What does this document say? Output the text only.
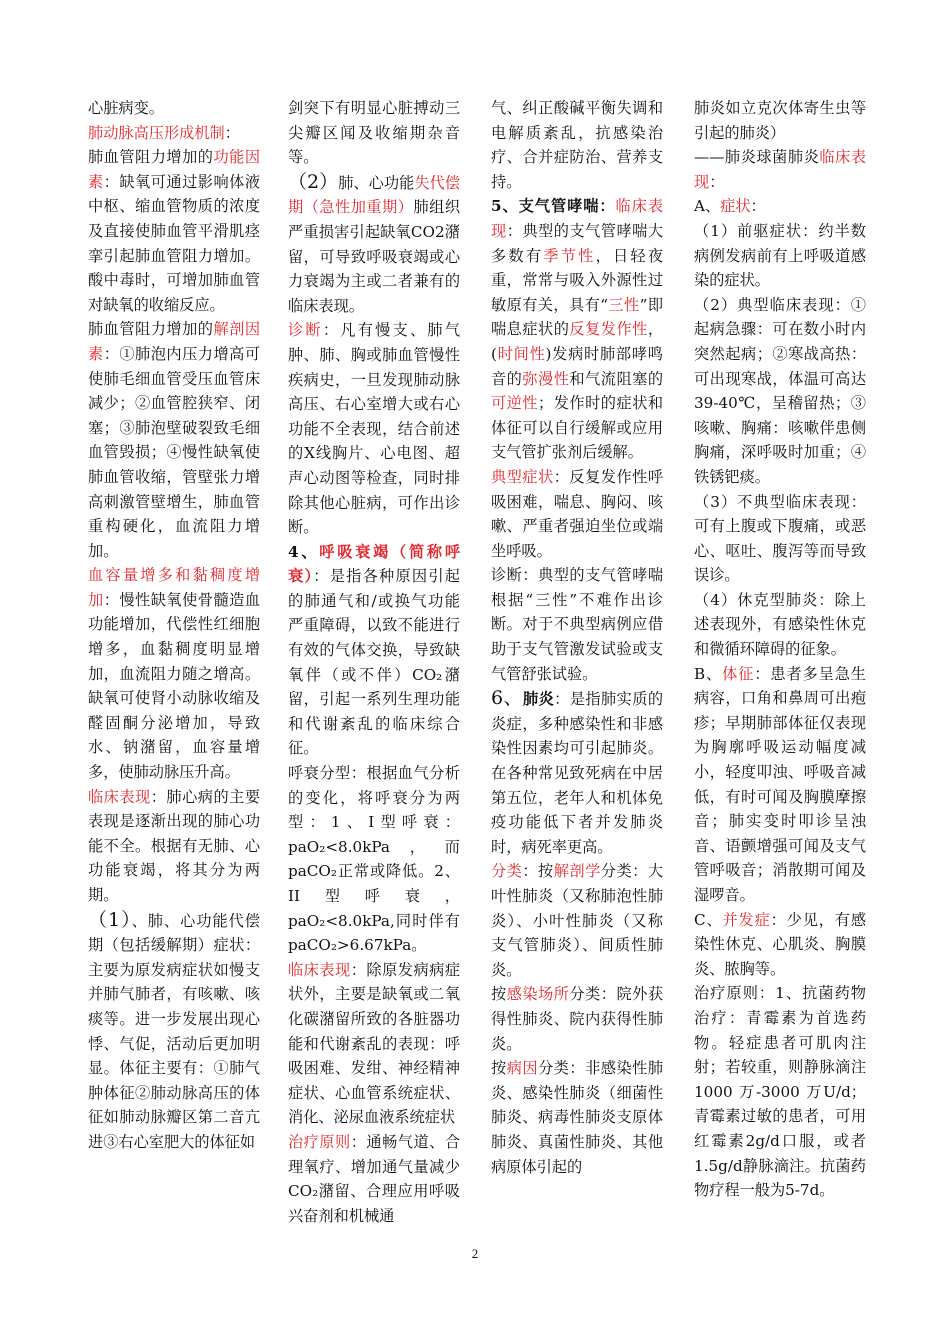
心脏病变。

肺动脉高压形成机制：

肺血管阻力增加的功能因素：缺氧可通过影响体液中枢、缩血管物质的浓度及直接使肺血管平滑肌痉挛引起肺血管阻力增加。酸中毒时，可增加肺血管对缺氧的收缩反应。

肺血管阻力增加的解剖因素：①肺泡内压力增高可使肺毛细血管受压血管床减少；②血管腔狭窄、闭塞；③肺泡壁破裂致毛细血管毁损；④慢性缺氧使肺血管收缩，管壁张力增高刺激管壁增生，肺血管重构硬化，血流阻力增加。

血容量增多和黏稠度增加：慢性缺氧使骨髓造血功能增加，代偿性红细胞增多，血黏稠度明显增加，血流阻力随之增高。缺氧可使肾小动脉收缩及醛固酮分泌增加，导致水、钠潴留，血容量增多，使肺动脉压升高。

临床表现：肺心病的主要表现是逐渐出现的肺心功能不全。根据有无肺、心功能衰竭，将其分为两期。

（1）、肺、心功能代偿期（包括缓解期）症状：主要为原发病症状如慢支并肺气肺者，有咳嗽、咳痰等。进一步发展出现心悸、气促，活动后更加明显。体征主要有：①肺气肿体征②肺动脉高压的体征如肺动脉瓣区第二音亢进③右心室肥大的体征如

剑突下有明显心脏搏动三尖瓣区闻及收缩期杂音等。

（2）肺、心功能失代偿期（急性加重期）肺组织严重损害引起缺氧CO2潴留，可导致呼吸衰竭或心力衰竭为主或二者兼有的临床表现。

诊断：凡有慢支、肺气肿、肺、胸或肺血管慢性疾病史，一旦发现肺动脉高压、右心室增大或右心功能不全表现，结合前述的X线胸片、心电图、超声心动图等检查，同时排除其他心脏病，可作出诊断。

4、呼吸衰竭（简称呼衰）：是指各种原因引起的肺通气和/或换气功能严重障碍，以致不能进行有效的气体交换，导致缺氧伴（或不伴）CO₂潴留，引起一系列生理功能和代谢紊乱的临床综合征。

呼衰分型：根据血气分析的变化，将呼衰分为两型：1、I型呼衰：paO₂<8.0kPa，而 paCO₂正常或降低。2、II型呼衰，paO₂<8.0kPa,同时伴有paCO₂>6.67kPa。

临床表现：除原发病病症状外，主要是缺氧或二氧化碳潴留所致的各脏器功能和代谢紊乱的表现：呼吸困难、发绀、神经精神症状、心血管系统症状、消化、泌尿血液系统症状

治疗原则：通畅气道、合理氧疗、增加通气量减少CO₂潴留、合理应用呼吸兴奋剂和机械通

气、纠正酸碱平衡失调和电解质紊乱，抗感染治疗、合并症防治、营养支持。

5、支气管哮喘：临床表现：典型的支气管哮喘大多数有季节性，日轻夜重，常常与吸入外源性过敏原有关，具有“三性”即喘息症状的反复发作性，(时间性)发病时肺部哮鸣音的弥漫性和气流阻塞的可逆性；发作时的症状和体征可以自行缓解或应用支气管扩张剂后缓解。

典型症状：反复发作性呼吸困难，喘息、胸闷、咳嗽、严重者强迫坐位或端坐呼吸。

诊断：典型的支气管哮喘根据“三性”不难作出诊断。对于不典型病例应借助于支气管激发试验或支气管舒张试验。

6、肺炎：是指肺实质的炎症，多种感染性和非感染性因素均可引起肺炎。在各种常见致死病在中居第五位，老年人和机体免疫功能低下者并发肺炎时，病死率更高。

分类：按解剖学分类：大叶性肺炎（又称肺泡性肺炎）、小叶性肺炎（又称支气管肺炎）、间质性肺炎。

按感染场所分类：院外获得性肺炎、院内获得性肺炎。

按病因分类：非感染性肺炎、感染性肺炎（细菌性肺炎、病毒性肺炎支原体肺炎、真菌性肺炎、其他病原体引起的

肺炎如立克次体寄生虫等引起的肺炎）

——肺炎球菌肺炎临床表现：

A、症状：

（1）前驱症状：约半数病例发病前有上呼吸道感染的症状。

（2）典型临床表现：①起病急骤：可在数小时内突然起病；②寒战高热：可出现寒战，体温可高达39-40℃，呈稽留热；③咳嗽、胸痛：咳嗽伴患侧胸痛，深呼吸时加重；④铁锈钯痰。

（3）不典型临床表现：可有上腹或下腹痛，或恶心、呕吐、腹泻等而导致误诊。

（4）休克型肺炎：除上述表现外，有感染性休克和微循环障碍的征象。

B、体征：患者多呈急生病容，口角和鼻周可出疱疹；早期肺部体征仅表现为胸廓呼吸运动幅度减小，轻度叩浊、呼吸音减低，有时可闻及胸膜摩擦音；肺实变时叩诊呈浊音、语颤增强可闻及支气管呼吸音；消散期可闻及湿啰音。

C、并发症：少见，有感染性休克、心肌炎、胸膜炎、脓胸等。

治疗原则：1、抗菌药物治疗：青霉素为首选药物。轻症患者可肌肉注射；若较重，则静脉滴注 1000 万-3000 万U/d；青霉素过敏的患者，可用红霉素2g/d口服，或者1.5g/d静脉滴注。抗菌药物疗程一般为5-7d。

2
